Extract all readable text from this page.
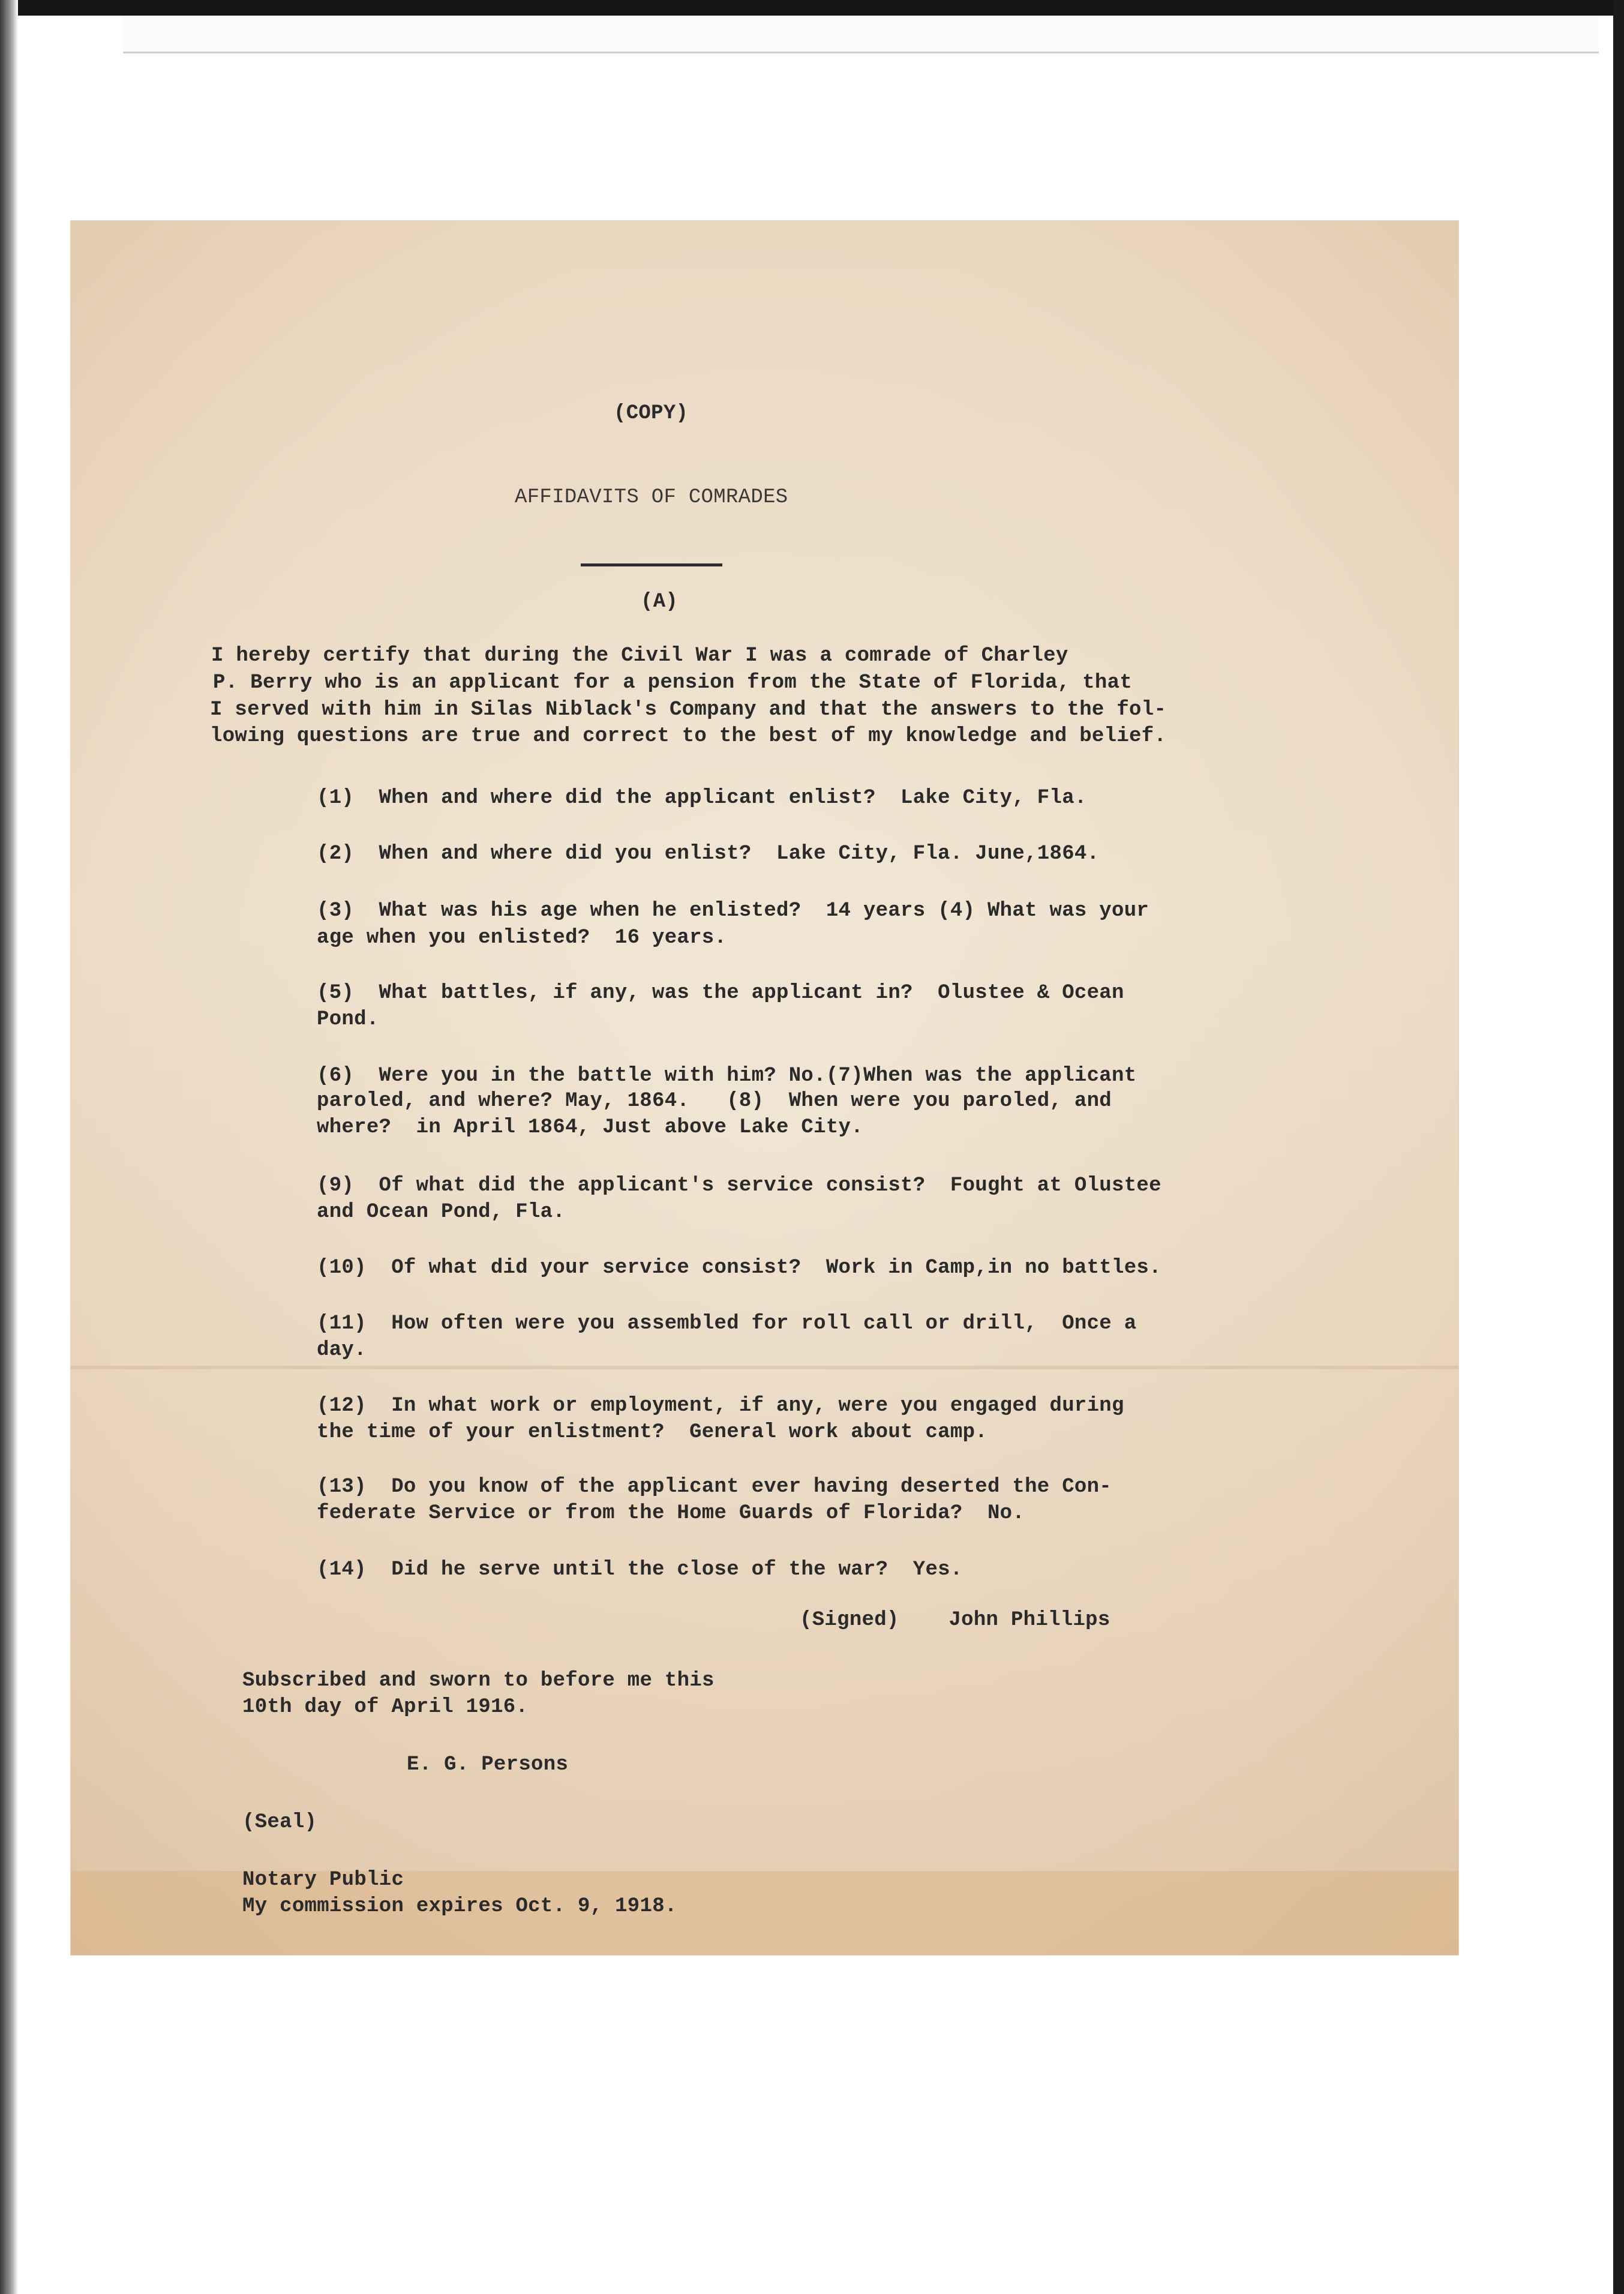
(COPY)

AFFIDAVITS OF COMRADES

(A)

I hereby certify that during the Civil War I was a comrade of Charley

P. Berry who is an applicant for a pension from the State of Florida, that

I served with him in Silas Niblack's Company and that the answers to the fol-

lowing questions are true and correct to the best of my knowledge and belief.

(1)  When and where did the applicant enlist?  Lake City, Fla.

(2)  When and where did you enlist?  Lake City, Fla. June,1864.

(3)  What was his age when he enlisted?  14 years (4) What was your

age when you enlisted?  16 years.

(5)  What battles, if any, was the applicant in?  Olustee & Ocean

Pond.

(6)  Were you in the battle with him? No.(7)When was the applicant

paroled, and where? May, 1864.   (8)  When were you paroled, and

where?  in April 1864, Just above Lake City.

(9)  Of what did the applicant's service consist?  Fought at Olustee

and Ocean Pond, Fla.

(10)  Of what did your service consist?  Work in Camp,in no battles.

(11)  How often were you assembled for roll call or drill,  Once a

day.

(12)  In what work or employment, if any, were you engaged during

the time of your enlistment?  General work about camp.

(13)  Do you know of the applicant ever having deserted the Con-

federate Service or from the Home Guards of Florida?  No.

(14)  Did he serve until the close of the war?  Yes.

(Signed)    John Phillips

Subscribed and sworn to before me this

10th day of April 1916.

E. G. Persons

(Seal)

Notary Public

My commission expires Oct. 9, 1918.
